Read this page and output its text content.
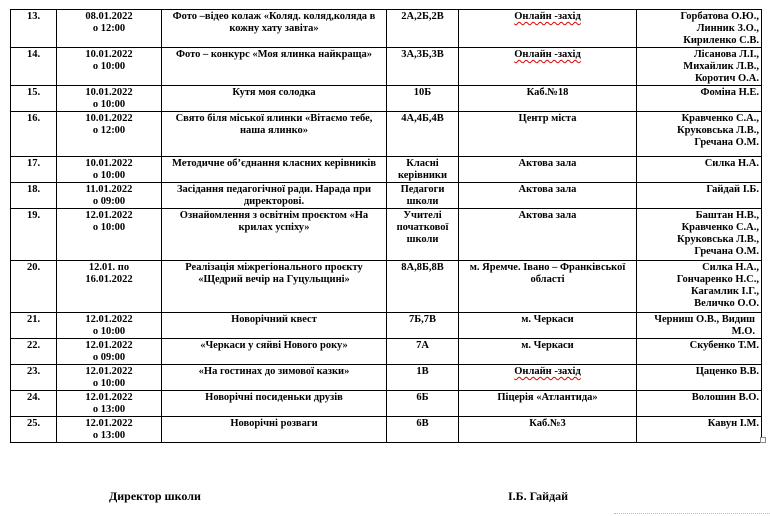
13.	08.01.2022
о 12:00	Фото –відео колаж «Коляд. коляд,коляда в кожну хату завіта»	2А,2Б,2В	Онлайн -захід	Горбатова О.Ю.,
Линник З.О.,
Кириленко С.В.

14.	10.01.2022
о 10:00	Фото – конкурс «Моя ялинка найкраща»	3А,3Б,3В	Онлайн -захід	Лісанова Л.І.,
Михайлик Л.В.,
Коротич О.А.

15.	10.01.2022
о 10:00	Кутя моя солодка	10Б	Каб.№18	Фоміна Н.Е.

16.	10.01.2022
о 12:00	Свято біля міської ялинки «Вітаємо тебе, наша ялинко»	4А,4Б,4В	Центр міста	Кравченко С.А.,
Круковська Л.В.,
Гречана О.М.

17.	10.01.2022
о 10:00	Методичне об’єднання класних керівників	Класні керівники	Актова зала	Силка Н.А.

18.	11.01.2022
о 09:00	Засідання педагогічної ради. Нарада при директорові.	Педагоги школи	Актова зала	Гайдай І.Б.

19.	12.01.2022
о 10:00	Ознайомлення з освітнім проєктом «На крилах успіху»	Учителі початкової школи	Актова зала	Баштан Н.В.,
Кравченко С.А.,
Круковська Л.В.,
Гречана О.М.

20.	12.01. по
16.01.2022	Реалізація міжрегіонального проєкту «Щедрий вечір на Гуцульщині»	8А,8Б,8В	м. Яремче. Івано – Франківської області	Силка Н.А.,
Гончаренко Н.С.,
Кагамлик І.Г.,
Величко О.О.

21.	12.01.2022
о 10:00	Новорічний квест	7Б,7В	м. Черкаси	Черниш О.В., Видиш
М.О.

22.	12.01.2022
о 09:00	«Черкаси у сяйві Нового року»	7А	м. Черкаси	Скубенко Т.М.

23.	12.01.2022
о 10:00	«На гостинах до зимової казки»	1В	Онлайн -захід	Цаценко В.В.

24.	12.01.2022
о 13:00	Новорічні посиденьки друзів	6Б	Піцерія «Атлантида»	Волошин В.О.

25.	12.01.2022
о 13:00	Новорічні розваги	6В	Каб.№3	Кавун І.М.
Директор школи	І.Б. Гайдай
